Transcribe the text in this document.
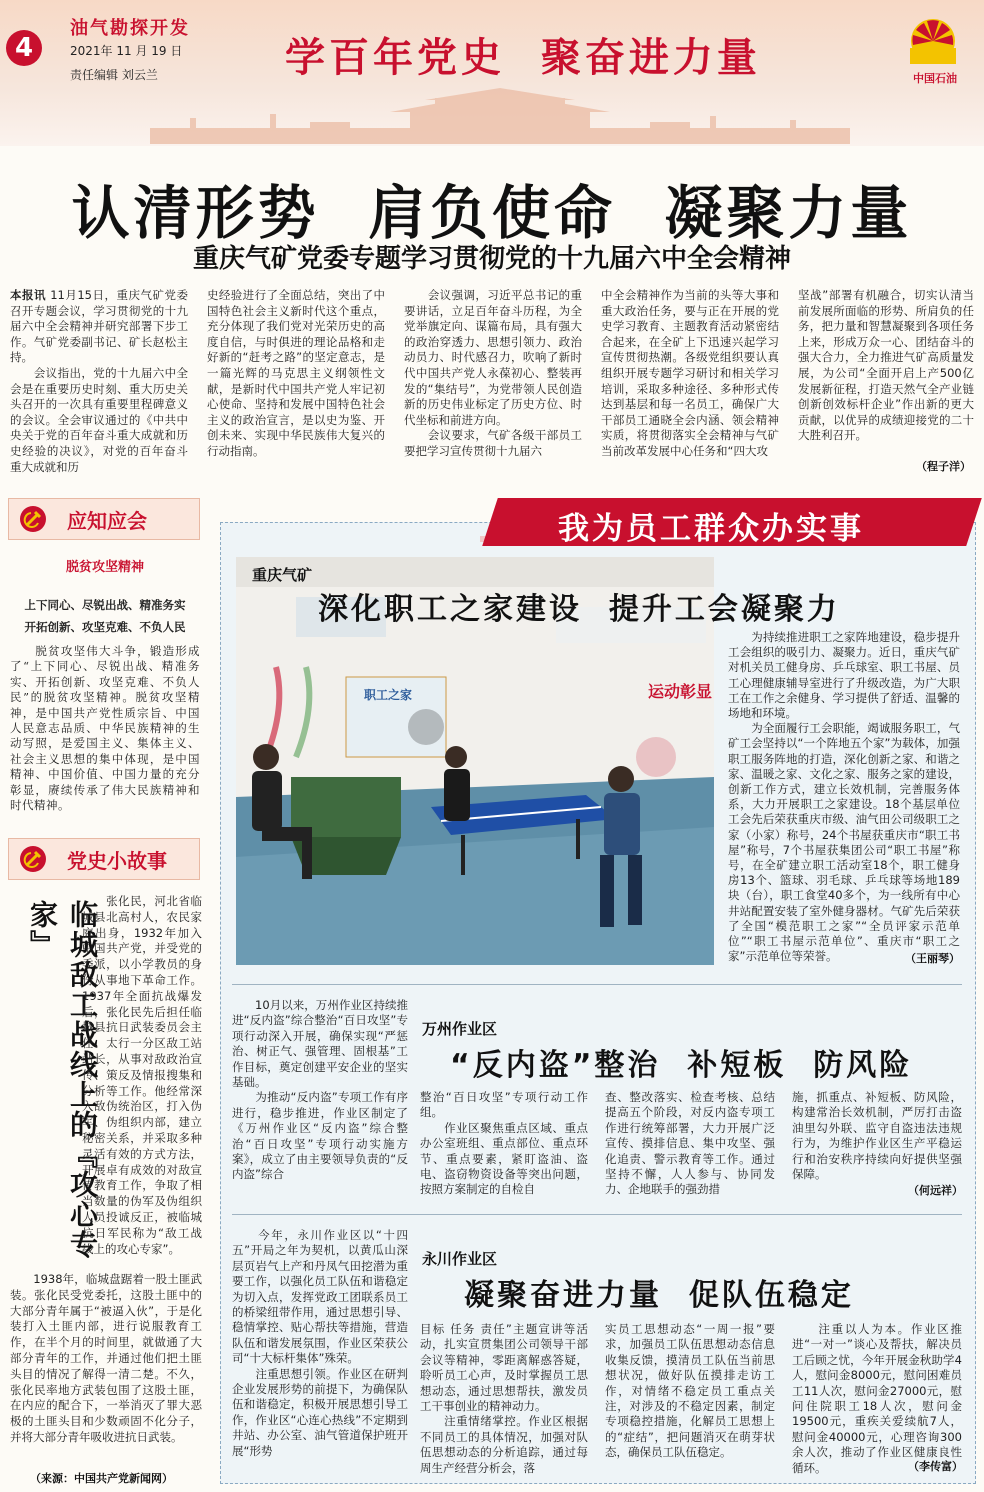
4
油气勘探开发
2021年 11 月 19 日
责任编辑 刘云兰	学百年党史  聚奋进力量	中国石油
认清形势  肩负使命  凝聚力量
重庆气矿党委专题学习贯彻党的十九届六中全会精神
本报讯 11月15日，重庆气矿党委召开专题会议，学习贯彻党的十九届六中全会精神并研究部署下步工作。气矿党委副书记、矿长赵松主持。
　　会议指出，党的十九届六中全会是在重要历史时刻、重大历史关头召开的一次具有重要里程碑意义的会议。全会审议通过的《中共中央关于党的百年奋斗重大成就和历史经验的决议》，对党的百年奋斗重大成就和历
史经验进行了全面总结，突出了中国特色社会主义新时代这个重点，充分体现了我们党对光荣历史的高度自信，与时俱进的理论品格和走好新的“赶考之路”的坚定意志，是一篇光辉的马克思主义纲领性文献，是新时代中国共产党人牢记初心使命、坚持和发展中国特色社会主义的政治宣言，是以史为鉴、开创未来、实现中华民族伟大复兴的行动指南。
　　会议强调，习近平总书记的重要讲话，立足百年奋斗历程，为全党举旗定向、谋篇布局，具有强大的政治穿透力、思想引领力、政治动员力、时代感召力，吹响了新时代中国共产党人永葆初心、整装再发的“集结号”，为党带领人民创造新的历史伟业标定了历史方位、时代坐标和前进方向。
　　会议要求，气矿各级干部员工要把学习宣传贯彻十九届六
中全会精神作为当前的头等大事和重大政治任务，要与正在开展的党史学习教育、主题教育活动紧密结合起来，在全矿上下迅速兴起学习宣传贯彻热潮。各级党组织要认真组织开展专题学习研讨和相关学习培训，采取多种途径、多种形式传达到基层和每一名员工，确保广大干部员工通晓全会内涵、领会精神实质，将贯彻落实全会精神与气矿当前改革发展中心任务和“四大攻
坚战”部署有机融合，切实认清当前发展所面临的形势、所肩负的任务，把力量和智慧凝聚到各项任务上来，形成万众一心、团结奋斗的强大合力，全力推进气矿高质量发展，为公司“全面开启上产500亿发展新征程，打造天然气全产业链创新创效标杆企业”作出新的更大贡献，以优异的成绩迎接党的二十大胜利召开。
（程子洋）
应知应会
脱贫攻坚精神
上下同心、尽锐出战、精准务实
开拓创新、攻坚克难、不负人民
　　脱贫攻坚伟大斗争，锻造形成了“上下同心、尽锐出战、精准务实、开拓创新、攻坚克难、不负人民”的脱贫攻坚精神。脱贫攻坚精神，是中国共产党性质宗旨、中国人民意志品质、中华民族精神的生动写照，是爱国主义、集体主义、社会主义思想的集中体现，是中国精神、中国价值、中国力量的充分彰显，赓续传承了伟大民族精神和时代精神。
党史小故事
临城敌工战线上的『攻心专家』	　　张化民，河北省临城县北高村人，农民家庭出身，1932年加入中国共产党，并受党的委派，以小学教员的身份从事地下革命工作。1937年全面抗战爆发后，张化民先后担任临城县抗日武装委员会主任、太行一分区敌工站站长，从事对敌政治宣传、策反及情报搜集和分析等工作。他经常深入敌伪统治区，打入伪军、伪组织内部，建立秘密关系，并采取多种灵活有效的方式方法，开展卓有成效的对敌宣传教育工作，争取了相当数量的伪军及伪组织人员投诚反正，被临城抗日军民称为“敌工战线上的攻心专家”。
　　1938年，临城盘踞着一股土匪武装。张化民受党委托，这股土匪中的大部分青年属于“被逼入伙”，于是化装打入土匪内部，进行说服教育工作，在半个月的时间里，就做通了大部分青年的工作，并通过他们把土匪头目的情况了解得一清二楚。不久，张化民率地方武装包围了这股土匪，在内应的配合下，一举消灭了罪大恶极的土匪头目和少数顽固不化分子，并将大部分青年吸收进抗日武装。
（来源：中国共产党新闻网）
我为员工群众办实事
职工之家	运动彰显
重庆气矿
深化职工之家建设  提升工会凝聚力
　　为持续推进职工之家阵地建设，稳步提升工会组织的吸引力、凝聚力。近日，重庆气矿对机关员工健身房、乒乓球室、职工书屋、员工心理健康辅导室进行了升级改造，为广大职工在工作之余健身、学习提供了舒适、温馨的场地和环境。
　　为全面履行工会职能，竭诚服务职工，气矿工会坚持以“一个阵地五个家”为载体，加强职工服务阵地的打造，深化创新之家、和谐之家、温暖之家、文化之家、服务之家的建设，创新工作方式，建立长效机制，完善服务体系，大力开展职工之家建设。18个基层单位工会先后荣获重庆市级、油气田公司级职工之家（小家）称号，24个书屋获重庆市“职工书屋”称号，7个书屋获集团公司“职工书屋”称号，在全矿建立职工活动室18个，职工健身房13个、篮球、羽毛球、乒乓球等场地189块（台），职工食堂40多个，为一线所有中心井站配置安装了室外健身器材。气矿先后荣获了全国“模范职工之家”“全员评家示范单位”“职工书屋示范单位”、重庆市“职工之家”示范单位等荣誉。	（王丽琴）
　　10月以来，万州作业区持续推进“反内盗”综合整治“百日攻坚”专项行动深入开展，确保实现“严惩治、树正气、强管理、固根基”工作目标，奠定创建平安企业的坚实基础。
　　为推动“反内盗”专项工作有序进行，稳步推进，作业区制定了《万州作业区“反内盗”综合整治“百日攻坚”专项行动实施方案》，成立了由主要领导负责的“反内盗”综合
万州作业区
“反内盗”整治  补短板  防风险
整治“百日攻坚”专项行动工作组。
　　作业区聚焦重点区域、重点办公室班组、重点部位、重点环节、重点要素，紧盯盗油、盗电、盗窃物资设备等突出问题，按照方案制定的自检自
查、整改落实、检查考核、总结提高五个阶段，对反内盗专项工作进行统筹部署，大力开展广泛宣传、摸排信息、集中攻坚、强化追责、警示教育等工作。通过坚持不懈，人人参与、协同发力、企地联手的强劲措
施，抓重点、补短板、防风险，构建常治长效机制，严厉打击盗油里勾外联、监守自盗违法违规行为，为维护作业区生产平稳运行和治安秩序持续向好提供坚强保障。
（何远祥）
　　今年，永川作业区以“十四五”开局之年为契机，以黄瓜山深层页岩气上产和丹凤气田挖潜为重要工作，以强化员工队伍和谐稳定为切入点，发挥党政工团联系员工的桥梁纽带作用，通过思想引导、稳情掌控、贴心帮扶等措施，营造队伍和谐发展氛围，作业区荣获公司“十大标杆集体”殊荣。
　　注重思想引领。作业区在研判企业发展形势的前提下，为确保队伍和谐稳定，积极开展思想引导工作，作业区“心连心热线”不定期到井站、办公室、油气管道保护班开展“形势
永川作业区
凝聚奋进力量  促队伍稳定
目标 任务 责任”主题宣讲等活动，扎实宣贯集团公司领导干部会议等精神，零距离解惑答疑，聆听员工心声，及时掌握员工思想动态，通过思想帮扶，激发员工干事创业的精神动力。
　　注重情绪掌控。作业区根据不同员工的具体情况，加强对队伍思想动态的分析追踪，通过每周生产经营分析会，落
实员工思想动态“一周一报”要求，加强员工队伍思想动态信息收集反馈，摸清员工队伍当前思想状况，做好队伍摸排走访工作，对情绪不稳定员工重点关注，对涉及的不稳定因素，制定专项稳控措施，化解员工思想上的“症结”，把问题消灭在萌芽状态，确保员工队伍稳定。
　　注重以人为本。作业区推进“一对一”谈心及帮扶，解决员工后顾之忧，今年开展金秋助学4人，慰问金8000元，慰问困难员工11人次，慰问金27000元，慰问住院职工18人次，慰问金19500元，重疾关爱续航7人，慰问金40000元，心理咨询300余人次，推动了作业区健康良性循环。	（李传富）
